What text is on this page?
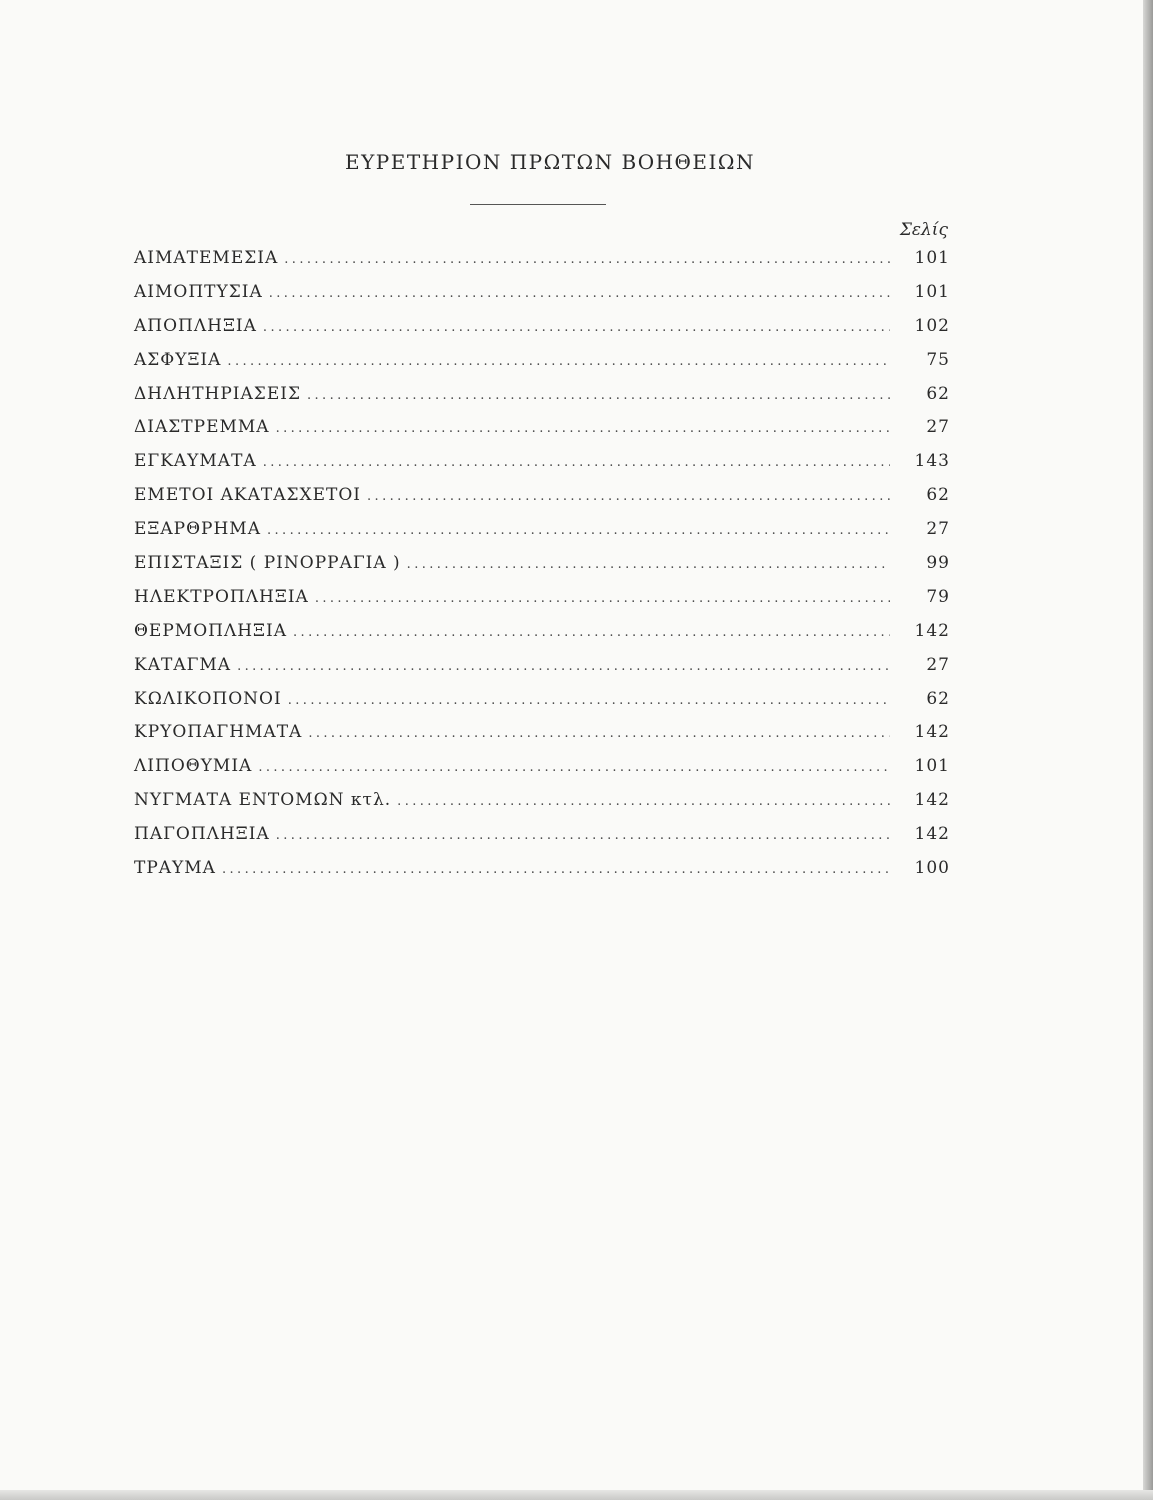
ΕΥΡΕΤΗΡΙΟΝ ΠΡΩΤΩΝ ΒΟΗΘΕΙΩΝ
Σελίς
ΑΙΜΑΤΕΜΕΣΙΑ .....	101
ΑΙΜΟΠΤΥΣΙΑ .....	101
ΑΠΟΠΛΗΞΙΑ .....	102
ΑΣΦΥΞΙΑ .....	75
ΔΗΛΗΤΗΡΙΑΣΕΙΣ .....	62
ΔΙΑΣΤΡΕΜΜΑ .....	27
ΕΓΚΑΥΜΑΤΑ .....	143
ΕΜΕΤΟΙ ΑΚΑΤΑΣΧΕΤΟΙ .....	62
ΕΞΑΡΘΡΗΜΑ .....	27
ΕΠΙΣΤΑΞΙΣ ( ΡΙΝΟΡΡΑΓΙΑ ) .....	99
ΗΛΕΚΤΡΟΠΛΗΞΙΑ .....	79
ΘΕΡΜΟΠΛΗΞΙΑ .....	142
ΚΑΤΑΓΜΑ .....	27
ΚΩΛΙΚΟΠΟΝΟΙ .....	62
ΚΡΥΟΠΑΓΗΜΑΤΑ .....	142
ΛΙΠΟΘΥΜΙΑ .....	101
ΝΥΓΜΑΤΑ ΕΝΤΟΜΩΝ κτλ. .....	142
ΠΑΓΟΠΛΗΞΙΑ .....	142
ΤΡΑΥΜΑ .....	100
